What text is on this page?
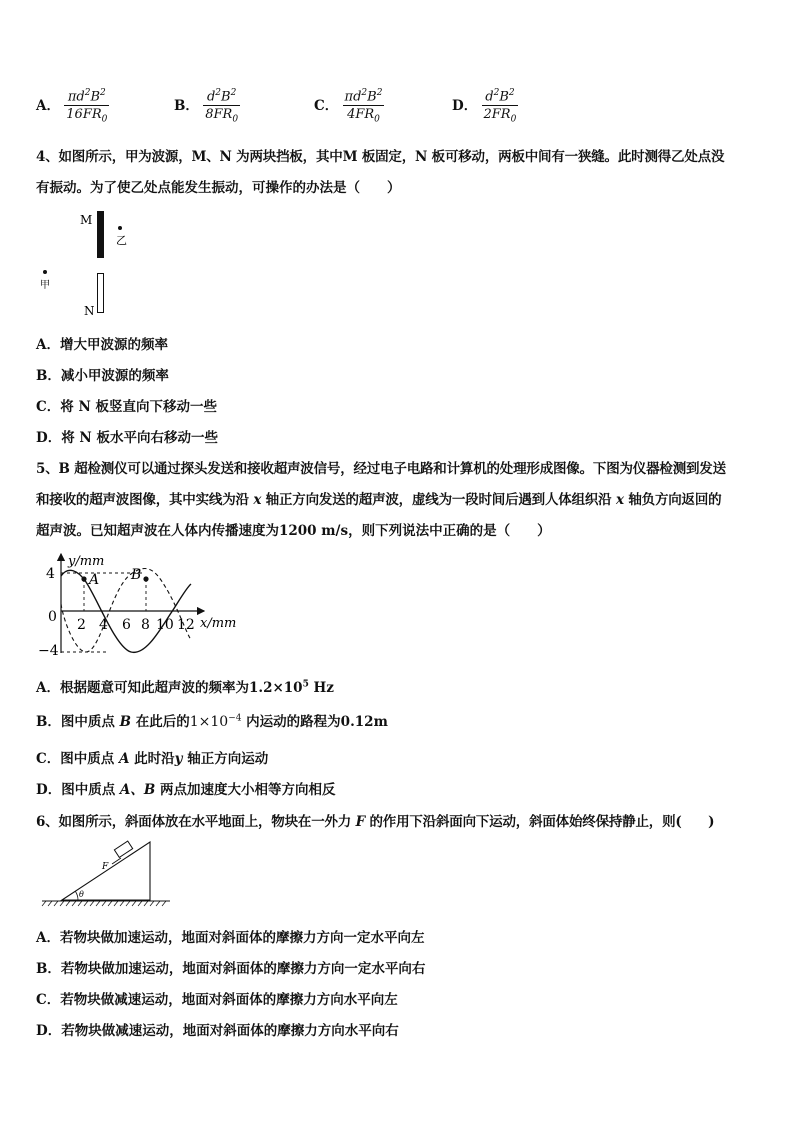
A． $\frac{\pi d^2B^2}{16FR_0}$	B． $\frac{d^2B^2}{8FR_0}$	C． $\frac{\pi d^2B^2}{4FR_0}$	D． $\frac{d^2B^2}{2FR_0}$
4、如图所示，甲为波源，M、N 为两块挡板，其中M 板固定，N 板可移动，两板中间有一狭缝。此时测得乙处点没
有振动。为了使乙处点能发生振动，可操作的办法是（　　）
M
乙
甲
N
A．增大甲波源的频率
B．减小甲波源的频率
C．将 N 板竖直向下移动一些
D．将 N 板水平向右移动一些
5、B 超检测仪可以通过探头发送和接收超声波信号，经过电子电路和计算机的处理形成图像。下图为仪器检测到发送
和接收的超声波图像，其中实线为沿 x 轴正方向发送的超声波，虚线为一段时间后遇到人体组织沿 x 轴负方向返回的
超声波。已知超声波在人体内传播速度为1200 m/s，则下列说法中正确的是（　　）
y/mm
x/mm
4
0
−4
2 4 6 8 10 12
A B
A．根据题意可知此超声波的频率为$1.2\times 10^5$ Hz
B．图中质点 B 在此后的$1\times 10^{-4}$ 内运动的路程为0.12m
C．图中质点 A 此时沿y 轴正方向运动
D．图中质点 A、B 两点加速度大小相等方向相反
6、如图所示，斜面体放在水平地面上，物块在一外力 F 的作用下沿斜面向下运动，斜面体始终保持静止，则(　　)
θ
F
A．若物块做加速运动，地面对斜面体的摩擦力方向一定水平向左
B．若物块做加速运动，地面对斜面体的摩擦力方向一定水平向右
C．若物块做减速运动，地面对斜面体的摩擦力方向水平向左
D．若物块做减速运动，地面对斜面体的摩擦力方向水平向右
